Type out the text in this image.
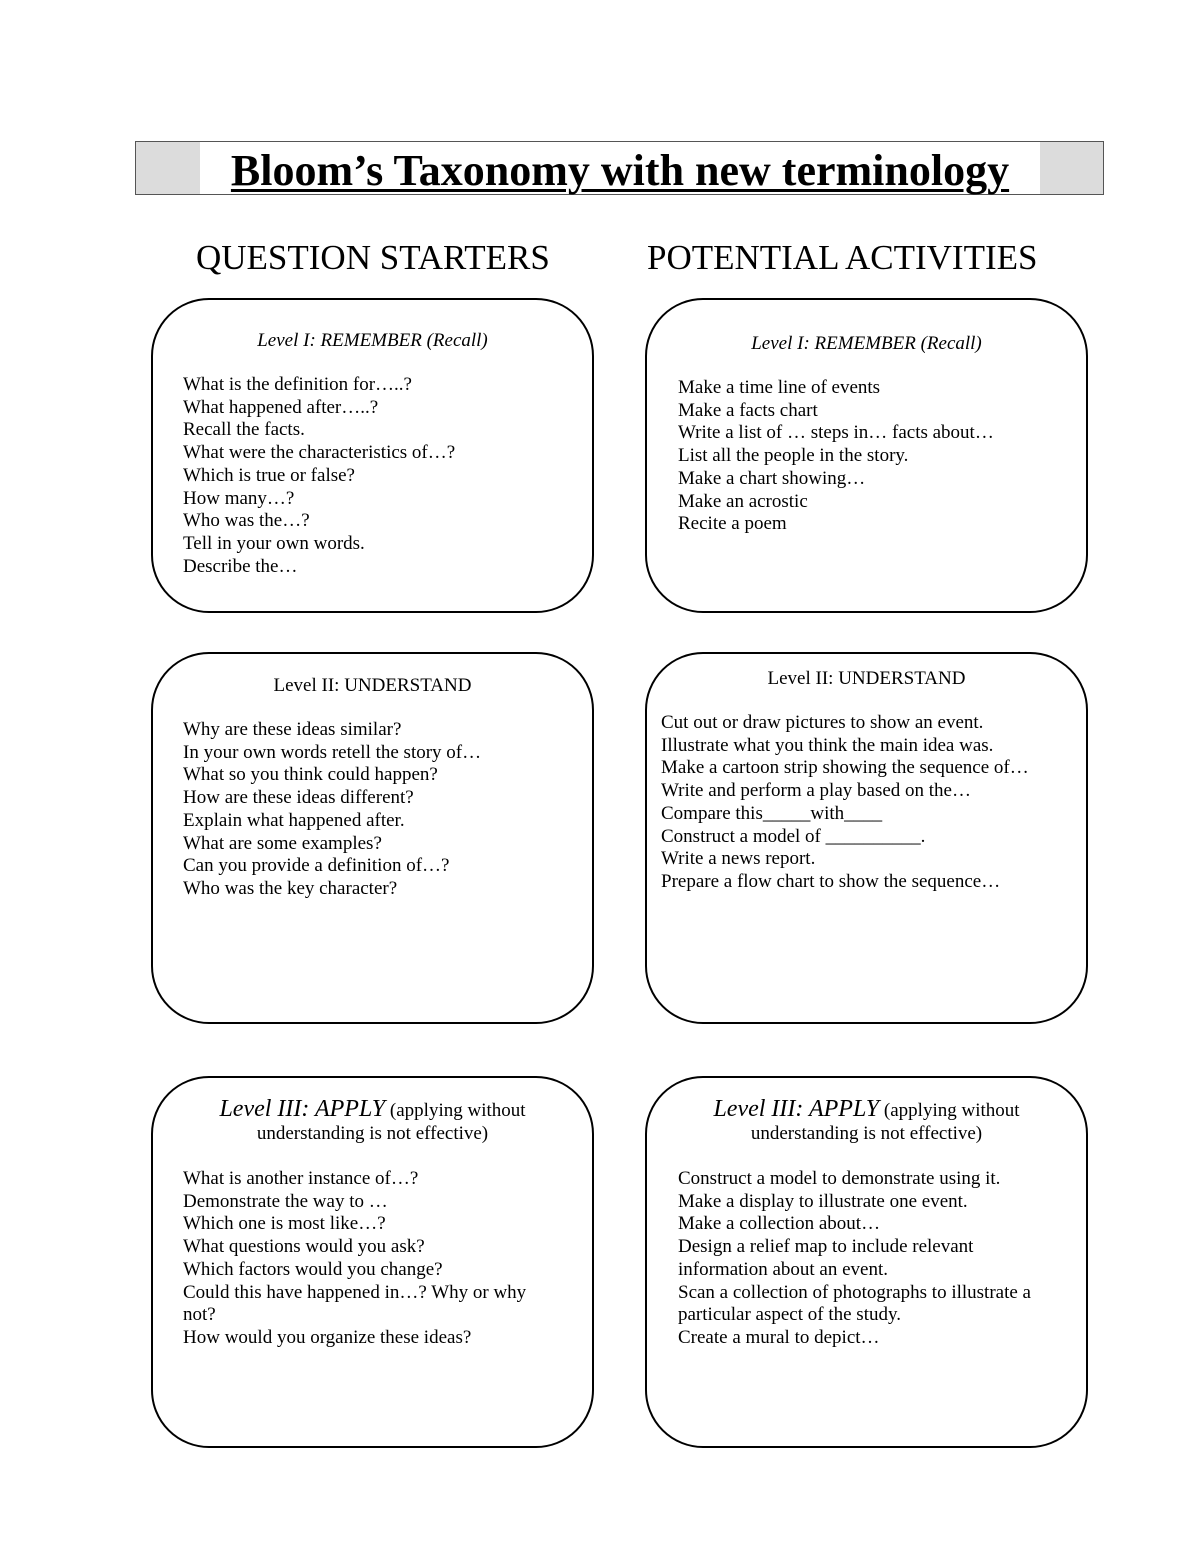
Bloom’s Taxonomy with new terminology
QUESTION STARTERS	POTENTIAL ACTIVITIES
Level I: REMEMBER (Recall)
What is the definition for…..?
What happened after…..?
Recall the facts.
What were the characteristics of…?
Which is true or false?
How many…?
Who was the…?
Tell in your own words.
Describe the…
Level I: REMEMBER (Recall)
Make a time line of events
Make a facts chart
Write a list of … steps in… facts about…
List all the people in the story.
Make a chart showing…
Make an acrostic
Recite a poem
Level II: UNDERSTAND
Why are these ideas similar?
In your own words retell the story of…
What so you think could happen?
How are these ideas different?
Explain what happened after.
What are some examples?
Can you provide a definition of…?
Who was the key character?
Level II: UNDERSTAND
Cut out or draw pictures to show an event.
Illustrate what you think the main idea was.
Make a cartoon strip showing the sequence of…
Write and perform a play based on the…
Compare this_____with____
Construct a model of __________.
Write a news report.
Prepare a flow chart to show the sequence…
Level III: APPLY (applying without
understanding is not effective)
What is another instance of…?
Demonstrate the way to …
Which one is most like…?
What questions would you ask?
Which factors would you change?
Could this have happened in…? Why or why not?
How would you organize these ideas?
Level III: APPLY (applying without
understanding is not effective)
Construct a model to demonstrate using it.
Make a display to illustrate one event.
Make a collection about…
Design a relief map to include relevant information about an event.
Scan a collection of photographs to illustrate a particular aspect of the study.
Create a mural to depict…
